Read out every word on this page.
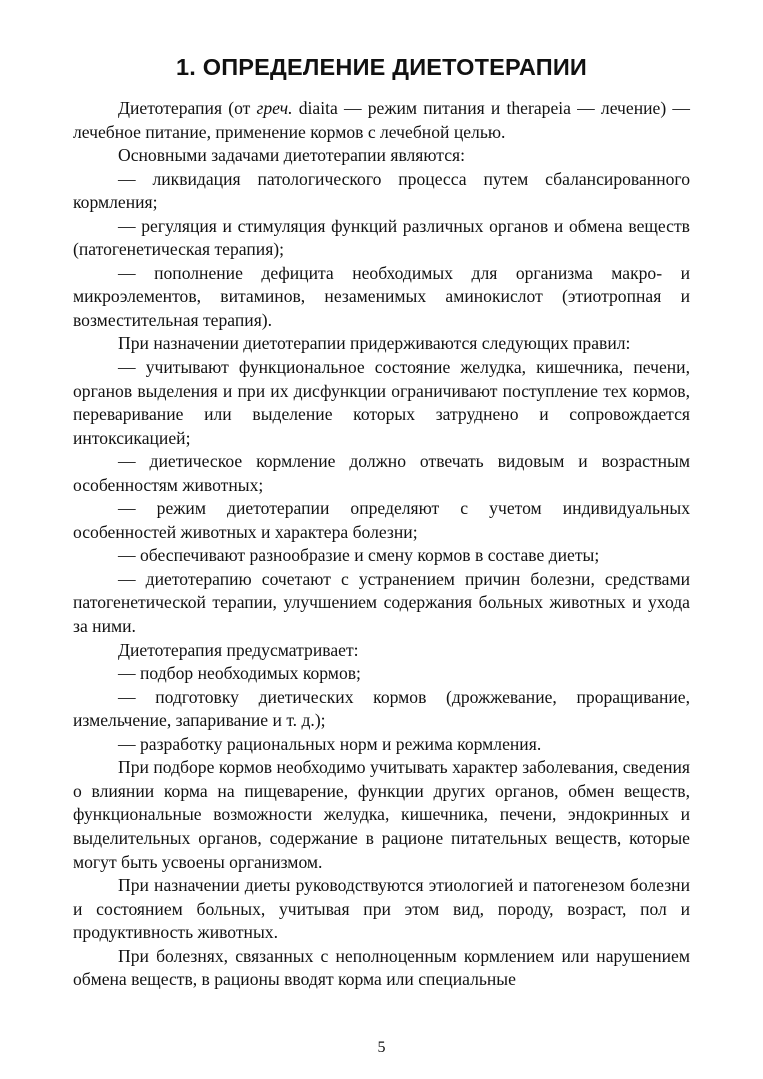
1. ОПРЕДЕЛЕНИЕ ДИЕТОТЕРАПИИ

Диетотерапия (от греч. diaita — режим питания и therapeia — лечение) — лечебное питание, применение кормов с лечебной целью.

Основными задачами диетотерапии являются:

— ликвидация патологического процесса путем сбалансированного кормления;

— регуляция и стимуляция функций различных органов и обмена веществ (патогенетическая терапия);

— пополнение дефицита необходимых для организма макро- и микроэлементов, витаминов, незаменимых аминокислот (этиотропная и возместительная терапия).

При назначении диетотерапии придерживаются следующих правил:

— учитывают функциональное состояние желудка, кишечника, печени, органов выделения и при их дисфункции ограничивают поступление тех кормов, переваривание или выделение которых затруднено и сопровождается интоксикацией;

— диетическое кормление должно отвечать видовым и возрастным особенностям животных;

— режим диетотерапии определяют с учетом индивидуальных особенностей животных и характера болезни;

— обеспечивают разнообразие и смену кормов в составе диеты;

— диетотерапию сочетают с устранением причин болезни, средствами патогенетической терапии, улучшением содержания больных животных и ухода за ними.

Диетотерапия предусматривает:

— подбор необходимых кормов;

— подготовку диетических кормов (дрожжевание, проращивание, измельчение, запаривание и т. д.);

— разработку рациональных норм и режима кормления.

При подборе кормов необходимо учитывать характер заболевания, сведения о влиянии корма на пищеварение, функции других органов, обмен веществ, функциональные возможности желудка, кишечника, печени, эндокринных и выделительных органов, содержание в рационе питательных веществ, которые могут быть усвоены организмом.

При назначении диеты руководствуются этиологией и патогенезом болезни и состоянием больных, учитывая при этом вид, породу, возраст, пол и продуктивность животных.

При болезнях, связанных с неполноценным кормлением или нарушением обмена веществ, в рационы вводят корма или специальные

5
